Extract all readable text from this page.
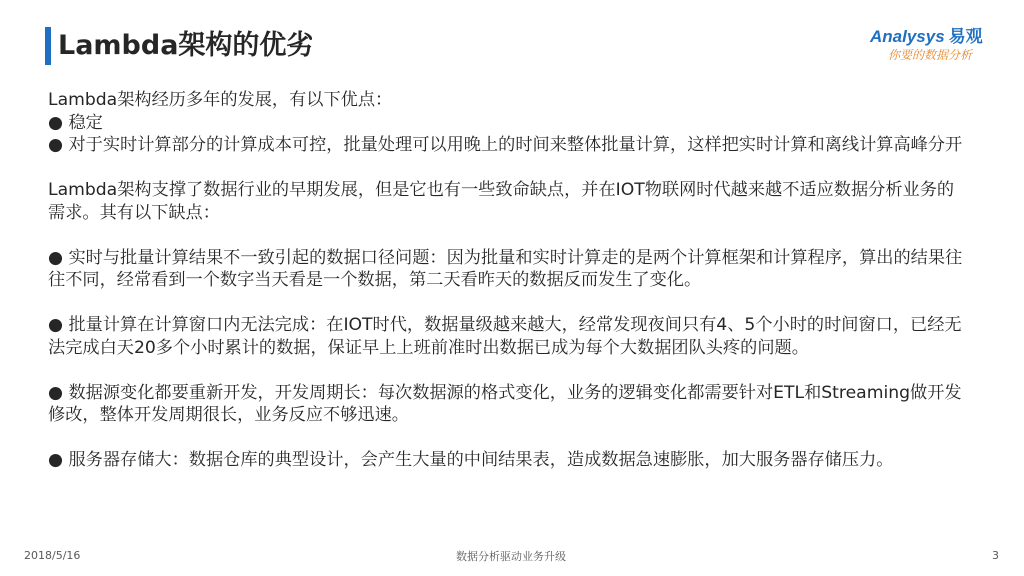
Lambda架构的优劣	Analysys 易观
你要的数据分析

Lambda架构经历多年的发展，有以下优点：

● 稳定

● 对于实时计算部分的计算成本可控，批量处理可以用晚上的时间来整体批量计算，这样把实时计算和离线计算高峰分开

Lambda架构支撑了数据行业的早期发展，但是它也有一些致命缺点，并在IOT物联网时代越来越不适应数据分析业务的需求。其有以下缺点：

● 实时与批量计算结果不一致引起的数据口径问题：因为批量和实时计算走的是两个计算框架和计算程序，算出的结果往往不同，经常看到一个数字当天看是一个数据，第二天看昨天的数据反而发生了变化。

● 批量计算在计算窗口内无法完成：在IOT时代，数据量级越来越大，经常发现夜间只有4、5个小时的时间窗口，已经无法完成白天20多个小时累计的数据，保证早上上班前准时出数据已成为每个大数据团队头疼的问题。

● 数据源变化都要重新开发，开发周期长：每次数据源的格式变化，业务的逻辑变化都需要针对ETL和Streaming做开发修改，整体开发周期很长，业务反应不够迅速。

● 服务器存储大：数据仓库的典型设计，会产生大量的中间结果表，造成数据急速膨胀，加大服务器存储压力。

2018/5/16	数据分析驱动业务升级	3
